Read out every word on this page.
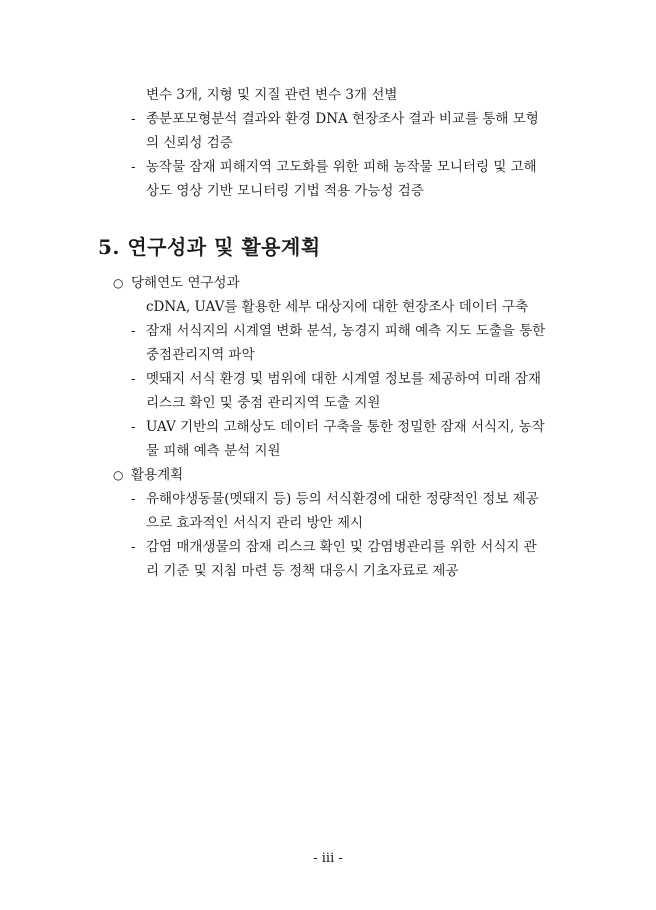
변수 3개, 지형 및 지질 관련 변수 3개 선별
- 종분포모형분석 결과와 환경 DNA 현장조사 결과 비교를 통해 모형
의 신뢰성 검증
- 농작물 잠재 피해지역 고도화를 위한 피해 농작물 모니터링 및 고해
상도 영상 기반 모니터링 기법 적용 가능성 검증
5. 연구성과 및 활용계획
○ 당해연도 연구성과
cDNA, UAV를 활용한 세부 대상지에 대한 현장조사 데이터 구축
- 잠재 서식지의 시계열 변화 분석, 농경지 피해 예측 지도 도출을 통한
중점관리지역 파악
- 멧돼지 서식 환경 및 범위에 대한 시계열 정보를 제공하여 미래 잠재
리스크 확인 및 중점 관리지역 도출 지원
- UAV 기반의 고해상도 데이터 구축을 통한 정밀한 잠재 서식지, 농작
물 피해 예측 분석 지원
○ 활용계획
- 유해야생동물(멧돼지 등) 등의 서식환경에 대한 정량적인 정보 제공
으로 효과적인 서식지 관리 방안 제시
- 감염 매개생물의 잠재 리스크 확인 및 감염병관리를 위한 서식지 관
리 기준 및 지침 마련 등 정책 대응시 기초자료로 제공
- iii -
